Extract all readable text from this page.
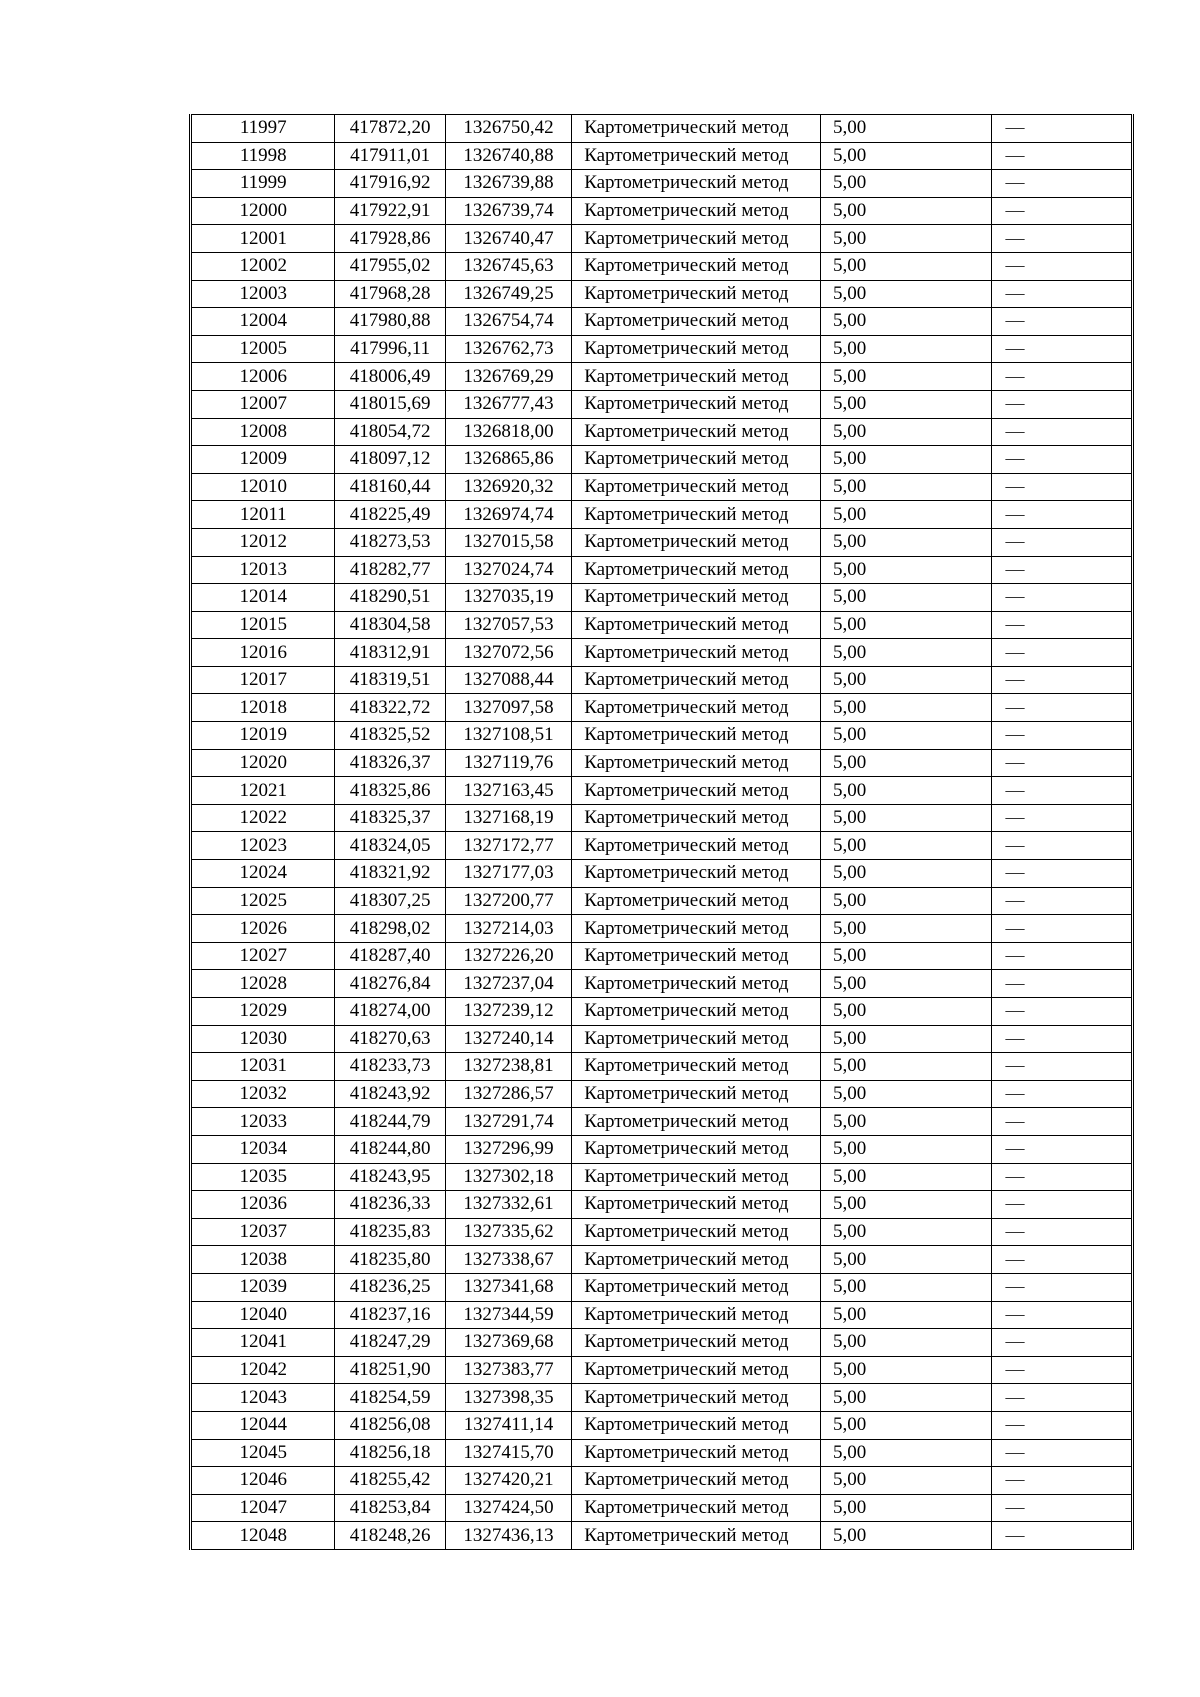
11997	417872,20	1326750,42	Картометрический метод	5,00	—
11998	417911,01	1326740,88	Картометрический метод	5,00	—
11999	417916,92	1326739,88	Картометрический метод	5,00	—
12000	417922,91	1326739,74	Картометрический метод	5,00	—
12001	417928,86	1326740,47	Картометрический метод	5,00	—
12002	417955,02	1326745,63	Картометрический метод	5,00	—
12003	417968,28	1326749,25	Картометрический метод	5,00	—
12004	417980,88	1326754,74	Картометрический метод	5,00	—
12005	417996,11	1326762,73	Картометрический метод	5,00	—
12006	418006,49	1326769,29	Картометрический метод	5,00	—
12007	418015,69	1326777,43	Картометрический метод	5,00	—
12008	418054,72	1326818,00	Картометрический метод	5,00	—
12009	418097,12	1326865,86	Картометрический метод	5,00	—
12010	418160,44	1326920,32	Картометрический метод	5,00	—
12011	418225,49	1326974,74	Картометрический метод	5,00	—
12012	418273,53	1327015,58	Картометрический метод	5,00	—
12013	418282,77	1327024,74	Картометрический метод	5,00	—
12014	418290,51	1327035,19	Картометрический метод	5,00	—
12015	418304,58	1327057,53	Картометрический метод	5,00	—
12016	418312,91	1327072,56	Картометрический метод	5,00	—
12017	418319,51	1327088,44	Картометрический метод	5,00	—
12018	418322,72	1327097,58	Картометрический метод	5,00	—
12019	418325,52	1327108,51	Картометрический метод	5,00	—
12020	418326,37	1327119,76	Картометрический метод	5,00	—
12021	418325,86	1327163,45	Картометрический метод	5,00	—
12022	418325,37	1327168,19	Картометрический метод	5,00	—
12023	418324,05	1327172,77	Картометрический метод	5,00	—
12024	418321,92	1327177,03	Картометрический метод	5,00	—
12025	418307,25	1327200,77	Картометрический метод	5,00	—
12026	418298,02	1327214,03	Картометрический метод	5,00	—
12027	418287,40	1327226,20	Картометрический метод	5,00	—
12028	418276,84	1327237,04	Картометрический метод	5,00	—
12029	418274,00	1327239,12	Картометрический метод	5,00	—
12030	418270,63	1327240,14	Картометрический метод	5,00	—
12031	418233,73	1327238,81	Картометрический метод	5,00	—
12032	418243,92	1327286,57	Картометрический метод	5,00	—
12033	418244,79	1327291,74	Картометрический метод	5,00	—
12034	418244,80	1327296,99	Картометрический метод	5,00	—
12035	418243,95	1327302,18	Картометрический метод	5,00	—
12036	418236,33	1327332,61	Картометрический метод	5,00	—
12037	418235,83	1327335,62	Картометрический метод	5,00	—
12038	418235,80	1327338,67	Картометрический метод	5,00	—
12039	418236,25	1327341,68	Картометрический метод	5,00	—
12040	418237,16	1327344,59	Картометрический метод	5,00	—
12041	418247,29	1327369,68	Картометрический метод	5,00	—
12042	418251,90	1327383,77	Картометрический метод	5,00	—
12043	418254,59	1327398,35	Картометрический метод	5,00	—
12044	418256,08	1327411,14	Картометрический метод	5,00	—
12045	418256,18	1327415,70	Картометрический метод	5,00	—
12046	418255,42	1327420,21	Картометрический метод	5,00	—
12047	418253,84	1327424,50	Картометрический метод	5,00	—
12048	418248,26	1327436,13	Картометрический метод	5,00	—
